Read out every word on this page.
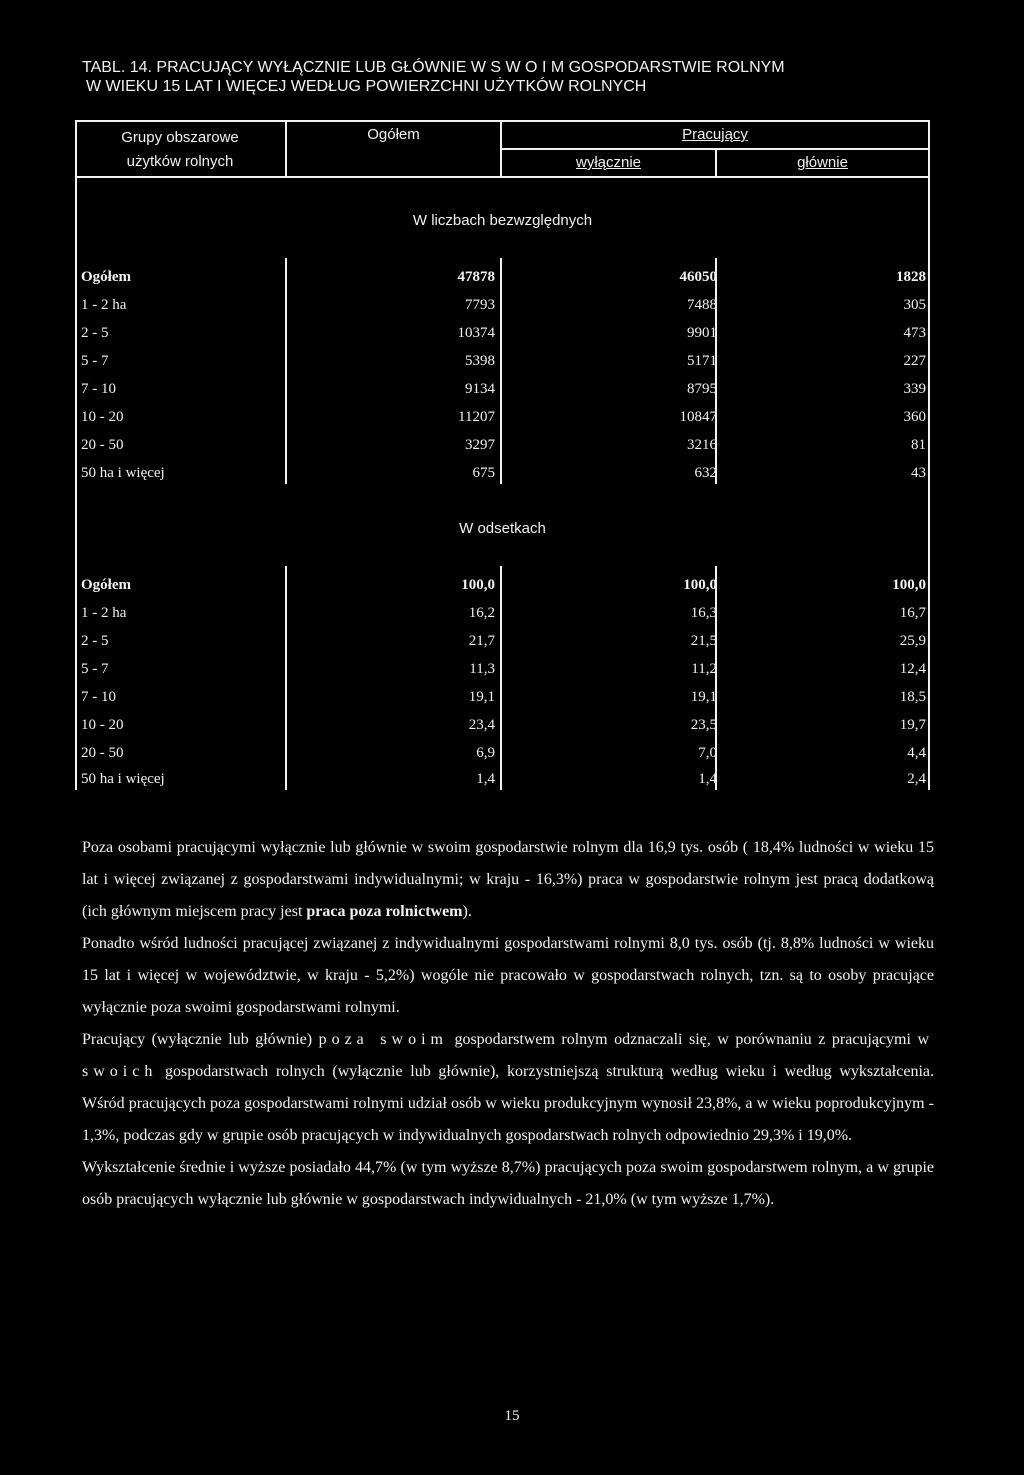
TABL. 14. PRACUJĄCY WYŁĄCZNIE LUB GŁÓWNIE W S W O I M GOSPODARSTWIE ROLNYM
W WIEKU 15 LAT I WIĘCEJ WEDŁUG POWIERZCHNI UŻYTKÓW ROLNYCH
Grupy obszarowe
użytków rolnych
Ogółem	Pracujący
wyłącznie	głównie
W liczbach bezwzględnych
Ogółem	47878	46050	1828
1 - 2 ha	7793	7488	305
2 - 5	10374	9901	473
5 - 7	5398	5171	227
7 - 10	9134	8795	339
10 - 20	11207	10847	360
20 - 50	3297	3216	81
50 ha i więcej	675	632	43
W odsetkach
Ogółem	100,0	100,0	100,0
1 - 2 ha	16,2	16,3	16,7
2 - 5	21,7	21,5	25,9
5 - 7	11,3	11,2	12,4
7 - 10	19,1	19,1	18,5
10 - 20	23,4	23,5	19,7
20 - 50	6,9	7,0	4,4
50 ha i więcej	1,4	1,4	2,4

Poza osobami pracującymi wyłącznie lub głównie w swoim gospodarstwie rolnym dla 16,9 tys. osób ( 18,4% ludności w wieku 15 lat i więcej związanej z gospodarstwami indywidualnymi; w kraju - 16,3%) praca w gospodarstwie rolnym jest pracą dodatkową (ich głównym miejscem pracy jest praca poza rolnictwem).

Ponadto wśród ludności pracującej związanej z indywidualnymi gospodarstwami rolnymi 8,0 tys. osób (tj. 8,8% ludności w wieku 15 lat i więcej w województwie, w kraju - 5,2%) wogóle nie pracowało w gospodarstwach rolnych, tzn. są to osoby pracujące wyłącznie poza swoimi gospodarstwami rolnymi.

Pracujący (wyłącznie lub głównie) poza swoim gospodarstwem rolnym odznaczali się, w porównaniu z pracującymi w swoich gospodarstwach rolnych (wyłącznie lub głównie), korzystniejszą strukturą według wieku i według wykształcenia. Wśród pracujących poza gospodarstwami rolnymi udział osób w wieku produkcyjnym wynosił 23,8%, a w wieku poprodukcyjnym - 1,3%, podczas gdy w grupie osób pracujących w indywidualnych gospodarstwach rolnych odpowiednio 29,3% i 19,0%.

Wykształcenie średnie i wyższe posiadało 44,7% (w tym wyższe 8,7%) pracujących poza swoim gospodarstwem rolnym, a w grupie osób pracujących wyłącznie lub głównie w gospodarstwach indywidualnych - 21,0% (w tym wyższe 1,7%).

15
